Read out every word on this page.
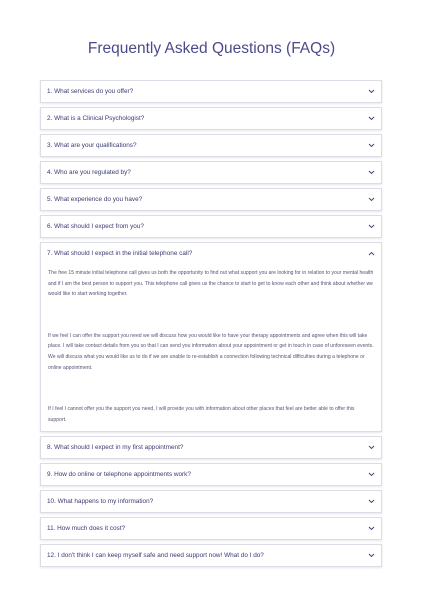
Frequently Asked Questions (FAQs)
1. What services do you offer?
2. What is a Clinical Psychologist?
3. What are your qualifications?
4. Who are you regulated by?
5. What experience do you have?
6. What should I expect from you?
7. What should I expect in the initial telephone call?

The free 15 minute initial telephone call gives us both the opportunity to find out what support you are looking for in relation to your mental health and if I am the best person to support you. This telephone call gives us the chance to start to get to know each other and think about whether we would like to start working together.

If we feel I can offer the support you need we will discuss how you would like to have your therapy appointments and agree when this will take place. I will take contact details from you so that I can send you information about your appointment or get in touch in case of unforeseen events. We will discuss what you would like us to do if we are unable to re-establish a connection following technical difficulties during a telephone or online appointment.

If I feel I cannot offer you the support you need, I will provide you with information about other places that feel are better able to offer this support.

8. What should I expect in my first appointment?
9. How do online or telephone appointments work?
10. What happens to my information?
11. How much does it cost?
12. I don't think I can keep myself safe and need support now! What do I do?
